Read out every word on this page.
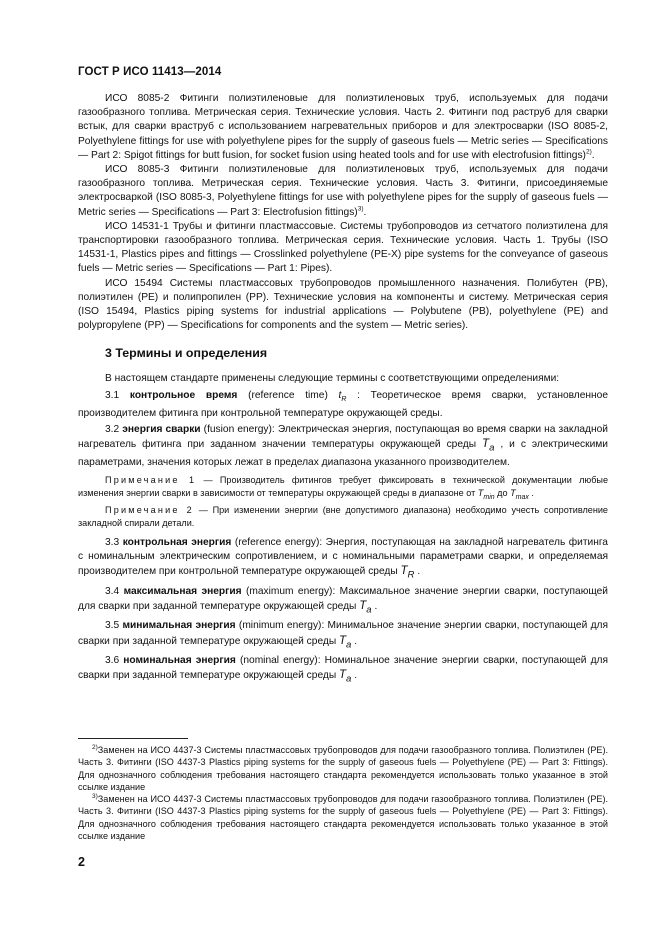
ГОСТ Р ИСО 11413—2014

ИСО 8085-2 Фитинги полиэтиленовые для полиэтиленовых труб, используемых для подачи газообразного топлива. Метрическая серия. Технические условия. Часть 2. Фитинги под раструб для сварки встык, для сварки враструб с использованием нагревательных приборов и для электросварки (ISO 8085-2, Polyethylene fittings for use with polyethylene pipes for the supply of gaseous fuels — Metric series — Specifications — Part 2: Spigot fittings for butt fusion, for socket fusion using heated tools and for use with electrofusion fittings)$^{2)}$.

ИСО 8085-3 Фитинги полиэтиленовые для полиэтиленовых труб, используемых для подачи газообразного топлива. Метрическая серия. Технические условия. Часть 3. Фитинги, присоединяемые электросваркой (ISO 8085-3, Polyethylene fittings for use with polyethylene pipes for the supply of gaseous fuels — Metric series — Specifications — Part 3: Electrofusion fittings)$^{3)}$.

ИСО 14531-1 Трубы и фитинги пластмассовые. Системы трубопроводов из сетчатого полиэтилена для транспортировки газообразного топлива. Метрическая серия. Технические условия. Часть 1. Трубы (ISO 14531-1, Plastics pipes and fittings — Crosslinked polyethylene (PE-X) pipe systems for the conveyance of gaseous fuels — Metric series — Specifications — Part 1: Pipes).

ИСО 15494 Системы пластмассовых трубопроводов промышленного назначения. Полибутен (PB), полиэтилен (PE) и полипропилен (PP). Технические условия на компоненты и систему. Метрическая серия (ISO 15494, Plastics piping systems for industrial applications — Polybutene (PB), polyethylene (PE) and polypropylene (PP) — Specifications for components and the system — Metric series).

3 Термины и определения

В настоящем стандарте применены следующие термины с соответствующими определениями:

3.1 контрольное время (reference time) $t_R$ : Теоретическое время сварки, установленное производителем фитинга при контрольной температуре окружающей среды.

3.2 энергия сварки (fusion energy): Электрическая энергия, поступающая во время сварки на закладной нагреватель фитинга при заданном значении температуры окружающей среды $T_a$ , и с электрическими параметрами, значения которых лежат в пределах диапазона указанного производителем.

Примечание 1 — Производитель фитингов требует фиксировать в технической документации любые изменения энергии сварки в зависимости от температуры окружающей среды в диапазоне от $T_{min}$ до $T_{max}$ .

Примечание 2 — При изменении энергии (вне допустимого диапазона) необходимо учесть сопротивление закладной спирали детали.

3.3 контрольная энергия (reference energy): Энергия, поступающая на закладной нагреватель фитинга с номинальным электрическим сопротивлением, и с номинальными параметрами сварки, и определяемая производителем при контрольной температуре окружающей среды $T_R$ .

3.4 максимальная энергия (maximum energy): Максимальное значение энергии сварки, поступающей для сварки при заданной температуре окружающей среды $T_a$ .

3.5 минимальная энергия (minimum energy): Минимальное значение энергии сварки, поступающей для сварки при заданной температуре окружающей среды $T_a$ .

3.6 номинальная энергия (nominal energy): Номинальное значение энергии сварки, поступающей для сварки при заданной температуре окружающей среды $T_a$ .

$^{2)}$Заменен на ИСО 4437-3 Системы пластмассовых трубопроводов для подачи газообразного топлива. Полиэтилен (PE). Часть 3. Фитинги (ISO 4437-3 Plastics piping systems for the supply of gaseous fuels — Polyethylene (PE) — Part 3: Fittings). Для однозначного соблюдения требования настоящего стандарта рекомендуется использовать только указанное в этой ссылке издание

$^{3)}$Заменен на ИСО 4437-3 Системы пластмассовых трубопроводов для подачи газообразного топлива. Полиэтилен (PE). Часть 3. Фитинги (ISO 4437-3 Plastics piping systems for the supply of gaseous fuels — Polyethylene (PE) — Part 3: Fittings). Для однозначного соблюдения требования настоящего стандарта рекомендуется использовать только указанное в этой ссылке издание

2
